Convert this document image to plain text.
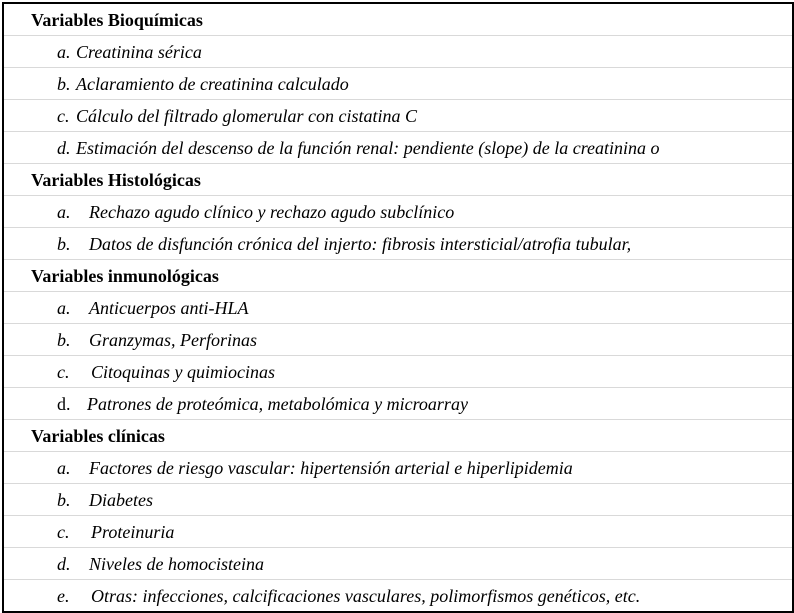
Variables Bioquímicas
a. Creatinina sérica
b. Aclaramiento de creatinina calculado
c. Cálculo del filtrado glomerular con cistatina C
d. Estimación del descenso de la función renal: pendiente (slope) de la creatinina o
Variables Histológicas
a. Rechazo agudo clínico y rechazo agudo subclínico
b. Datos de disfunción crónica del injerto: fibrosis intersticial/atrofia tubular,
Variables inmunológicas
a. Anticuerpos anti-HLA
b. Granzymas, Perforinas
c. Citoquinas y quimiocinas
d. Patrones de proteómica, metabolómica y microarray
Variables clínicas
a. Factores de riesgo vascular: hipertensión arterial e hiperlipidemia
b. Diabetes
c. Proteinuria
d. Niveles de homocisteina
e. Otras: infecciones, calcificaciones vasculares, polimorfismos genéticos, etc.
